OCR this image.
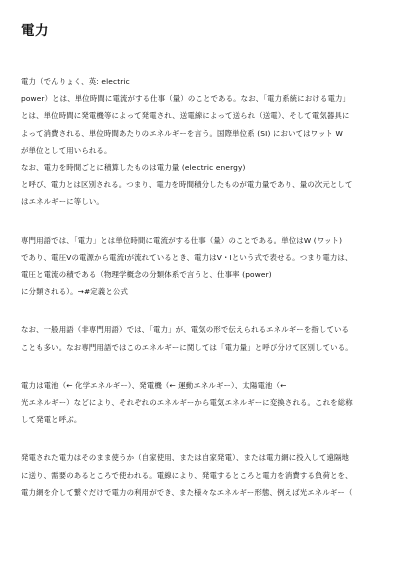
電力
電力（でんりょく、英: electric
power）とは、単位時間に電流がする仕事（量）のことである。なお、「電力系統における電力」
とは、単位時間に発電機等によって発電され、送電線によって送られ（送電）、そして電気器具に
よって消費される、単位時間あたりのエネルギーを言う。国際単位系 (SI) においてはワット W
が単位として用いられる。
なお、電力を時間ごとに積算したものは電力量 (electric energy)
と呼び、電力とは区別される。つまり、電力を時間積分したものが電力量であり、量の次元として
はエネルギーに等しい。
専門用語では、「電力」とは単位時間に電流がする仕事（量）のことである。単位はW (ワット)
であり、電圧Vの電源から電流Iが流れているとき、電力はV・Iという式で表せる。つまり電力は、
電圧と電流の積である（物理学概念の分類体系で言うと、仕事率 (power)
に分類される）。→#定義と公式
なお、一般用語（非専門用語）では、「電力」が、電気の形で伝えられるエネルギーを指している
ことも多い。なお専門用語ではこのエネルギーに関しては「電力量」と呼び分けて区別している。
電力は電池（← 化学エネルギー）、発電機（← 運動エネルギー）、太陽電池（←
光エネルギー）などにより、それぞれのエネルギーから電気エネルギーに変換される。これを総称
して発電と呼ぶ。
発電された電力はそのまま使うか（自家使用、または自家発電）、または電力網に投入して遠隔地
に送り、需要のあるところで使われる。電線により、発電するところと電力を消費する負荷とを、
電力網を介して繋ぐだけで電力の利用ができ、また様々なエネルギー形態、例えば光エネルギー（
